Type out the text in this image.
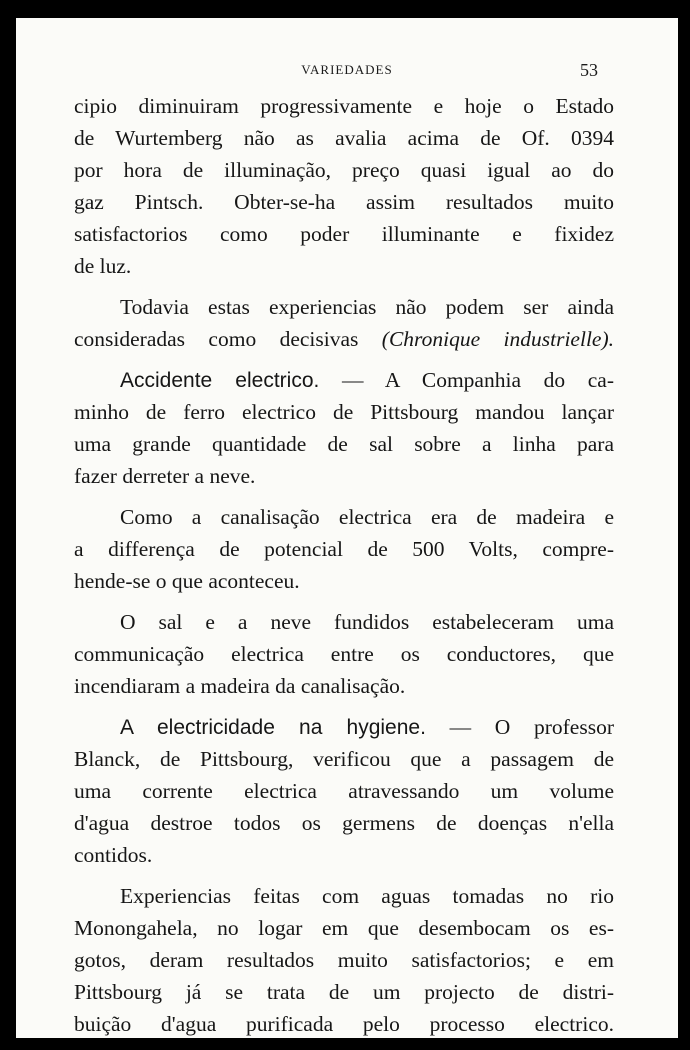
VARIEDADES	53
cipio diminuiram progressivamente e hoje o Estado
de Wurtemberg não as avalia acima de Of. 0394
por hora de illuminação, preço quasi igual ao do
gaz Pintsch. Obter-se-ha assim resultados muito
satisfactorios como poder illuminante e fixidez
de luz.
Todavia estas experiencias não podem ser ainda
consideradas como decisivas (Chronique industrielle).
Accidente electrico. — A Companhia do ca-
minho de ferro electrico de Pittsbourg mandou lançar
uma grande quantidade de sal sobre a linha para
fazer derreter a neve.
Como a canalisação electrica era de madeira e
a differença de potencial de 500 Volts, compre-
hende-se o que aconteceu.
O sal e a neve fundidos estabeleceram uma
communicação electrica entre os conductores, que
incendiaram a madeira da canalisação.
A electricidade na hygiene. — O professor
Blanck, de Pittsbourg, verificou que a passagem de
uma corrente electrica atravessando um volume
d'agua destroe todos os germens de doenças n'ella
contidos.
Experiencias feitas com aguas tomadas no rio
Monongahela, no logar em que desembocam os es-
gotos, deram resultados muito satisfactorios; e em
Pittsbourg já se trata de um projecto de distri-
buição d'agua purificada pelo processo electrico.
